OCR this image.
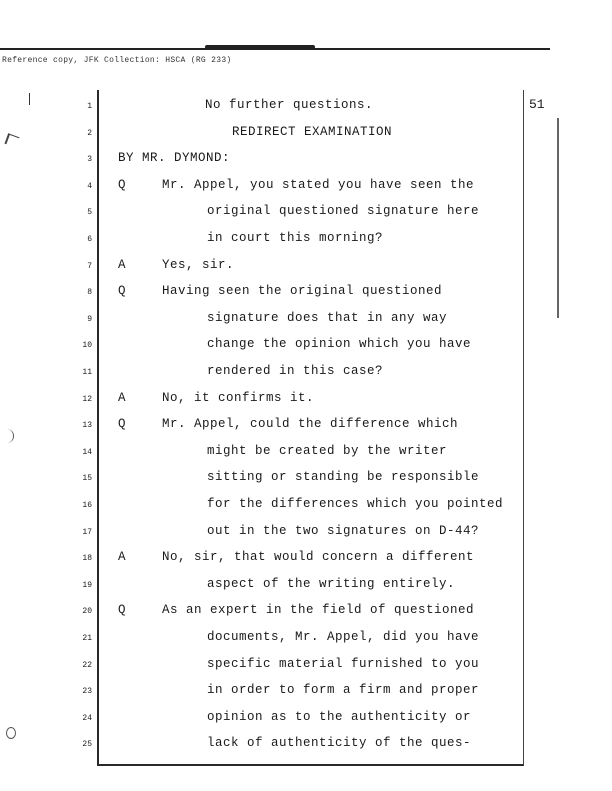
Reference copy, JFK Collection: HSCA (RG 233)
51
1	No further questions.
2	REDIRECT EXAMINATION
3 BY MR. DYMOND:
4 Q	Mr. Appel, you stated you have seen the
5	original questioned signature here
6	in court this morning?
7 A	Yes, sir.
8 Q	Having seen the original questioned
9	signature does that in any way
10	change the opinion which you have
11	rendered in this case?
12 A	No, it confirms it.
13 Q	Mr. Appel, could the difference which
14	might be created by the writer
15	sitting or standing be responsible
16	for the differences which you pointed
17	out in the two signatures on D-44?
18 A	No, sir, that would concern a different
19	aspect of the writing entirely.
20 Q	As an expert in the field of questioned
21	documents, Mr. Appel, did you have
22	specific material furnished to you
23	in order to form a firm and proper
24	opinion as to the authenticity or
25	lack of authenticity of the ques-
